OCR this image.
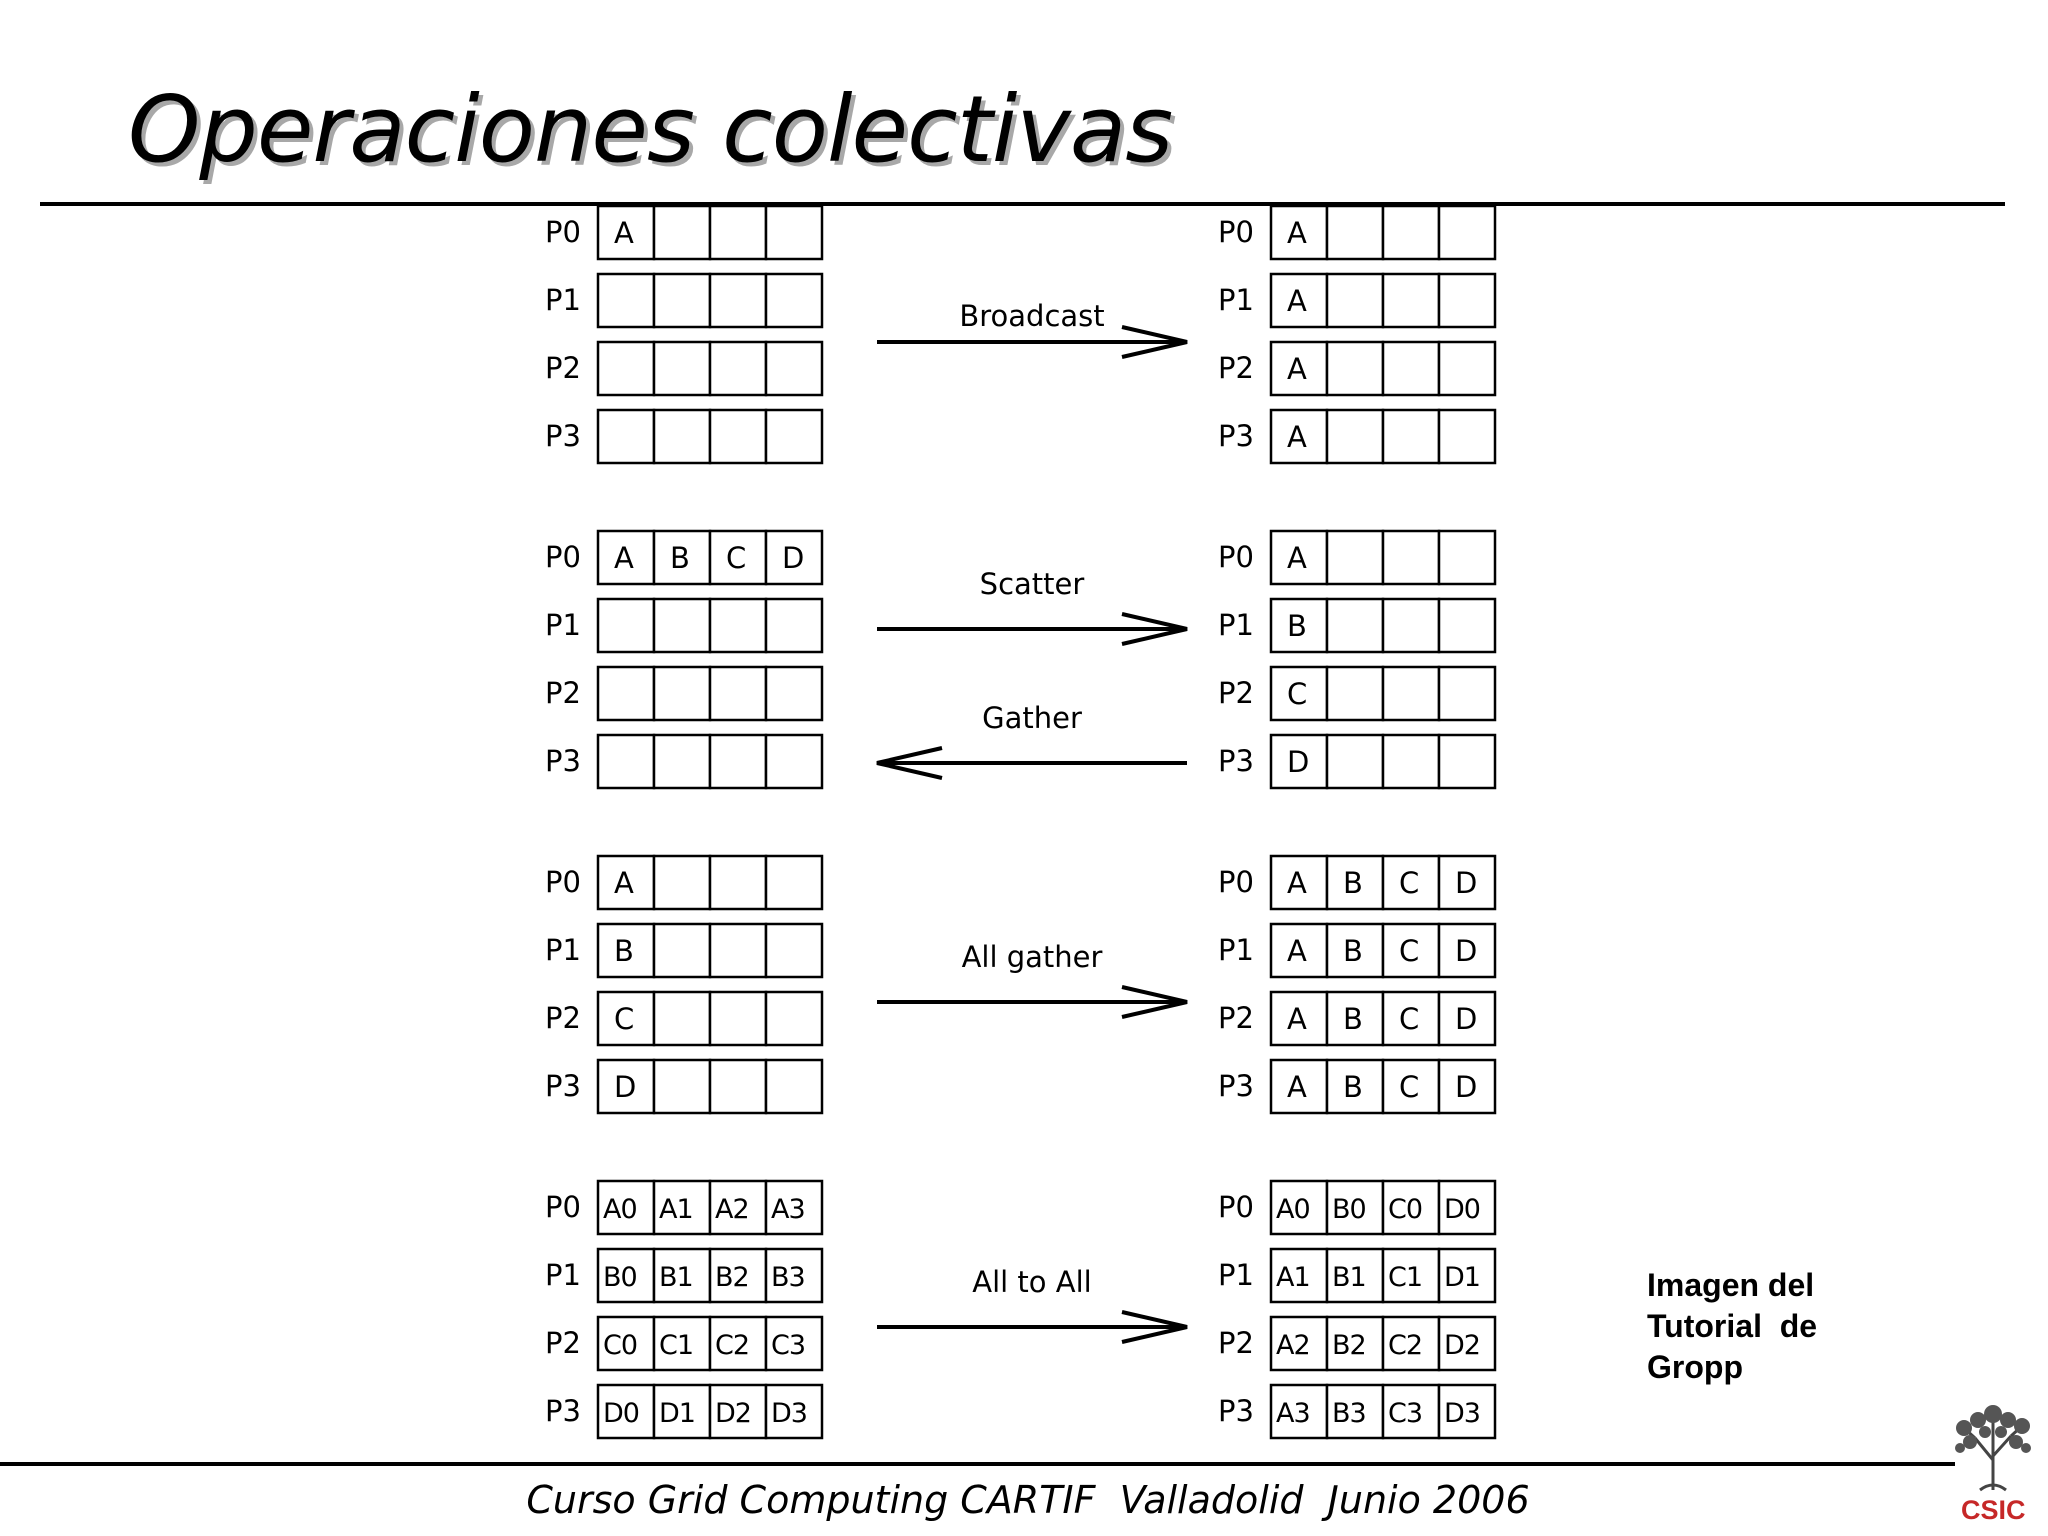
Operaciones colectivas
P0 A
P1
P2
P3
P0 A
P1 A
P2 A
P3 A
Broadcast
P0 A B C D
P1
P2
P3
P0 A
P1 B
P2 C
P3 D
Scatter
Gather
P0 A
P1 B
P2 C
P3 D
P0 A B C D
P1 A B C D
P2 A B C D
P3 A B C D
All gather
P0 A0 A1 A2 A3
P1 B0 B1 B2 B3
P2 C0 C1 C2 C3
P3 D0 D1 D2 D3
P0 A0 B0 C0 D0
P1 A1 B1 C1 D1
P2 A2 B2 C2 D2
P3 A3 B3 C3 D3
All to All	Imagen del
Tutorial  de
Gropp
Curso Grid Computing CARTIF  Valladolid  Junio 2006	CSIC
